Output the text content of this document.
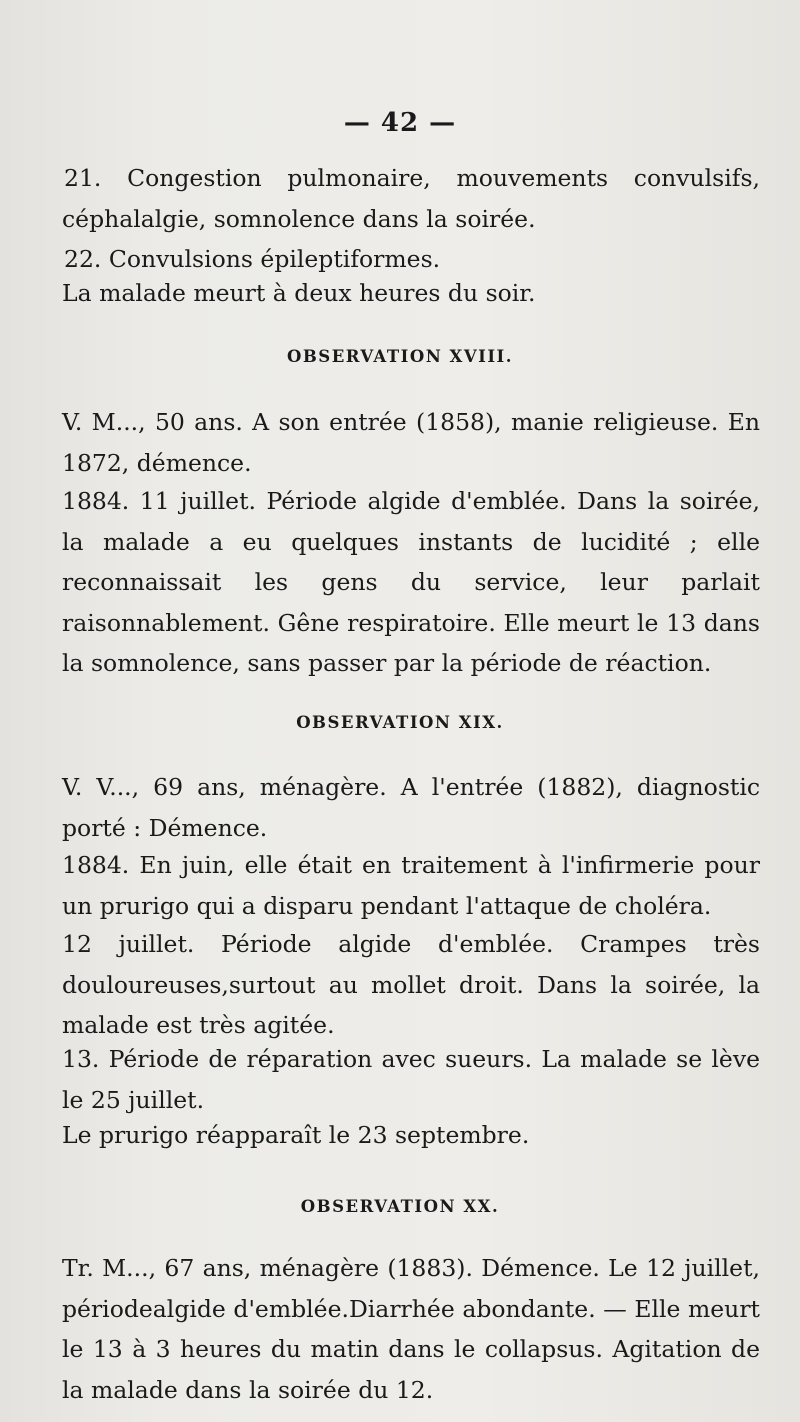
— 42 —
21. Congestion pulmonaire, mouvements convulsifs, céphalalgie, somnolence dans la soirée.
22. Convulsions épileptiformes.
La malade meurt à deux heures du soir.
OBSERVATION XVIII.
V. M..., 50 ans. A son entrée (1858), manie religieuse. En 1872, démence.
1884. 11 juillet. Période algide d'emblée. Dans la soirée, la malade a eu quelques instants de lucidité ; elle reconnaissait les gens du service, leur parlait raisonnablement. Gêne respiratoire. Elle meurt le 13 dans la somnolence, sans passer par la période de réaction.
OBSERVATION XIX.
V. V..., 69 ans, ménagère. A l'entrée (1882), diagnostic porté : Démence.
1884. En juin, elle était en traitement à l'infirmerie pour un prurigo qui a disparu pendant l'attaque de choléra.
12 juillet. Période algide d'emblée. Crampes très douloureuses,surtout au mollet droit. Dans la soirée, la malade est très agitée.
13. Période de réparation avec sueurs. La malade se lève le 25 juillet.
Le prurigo réapparaît le 23 septembre.
OBSERVATION XX.
Tr. M..., 67 ans, ménagère (1883). Démence. Le 12 juillet, périodealgide d'emblée.Diarrhée abondante. — Elle meurt le 13 à 3 heures du matin dans le collapsus. Agitation de la malade dans la soirée du 12.
